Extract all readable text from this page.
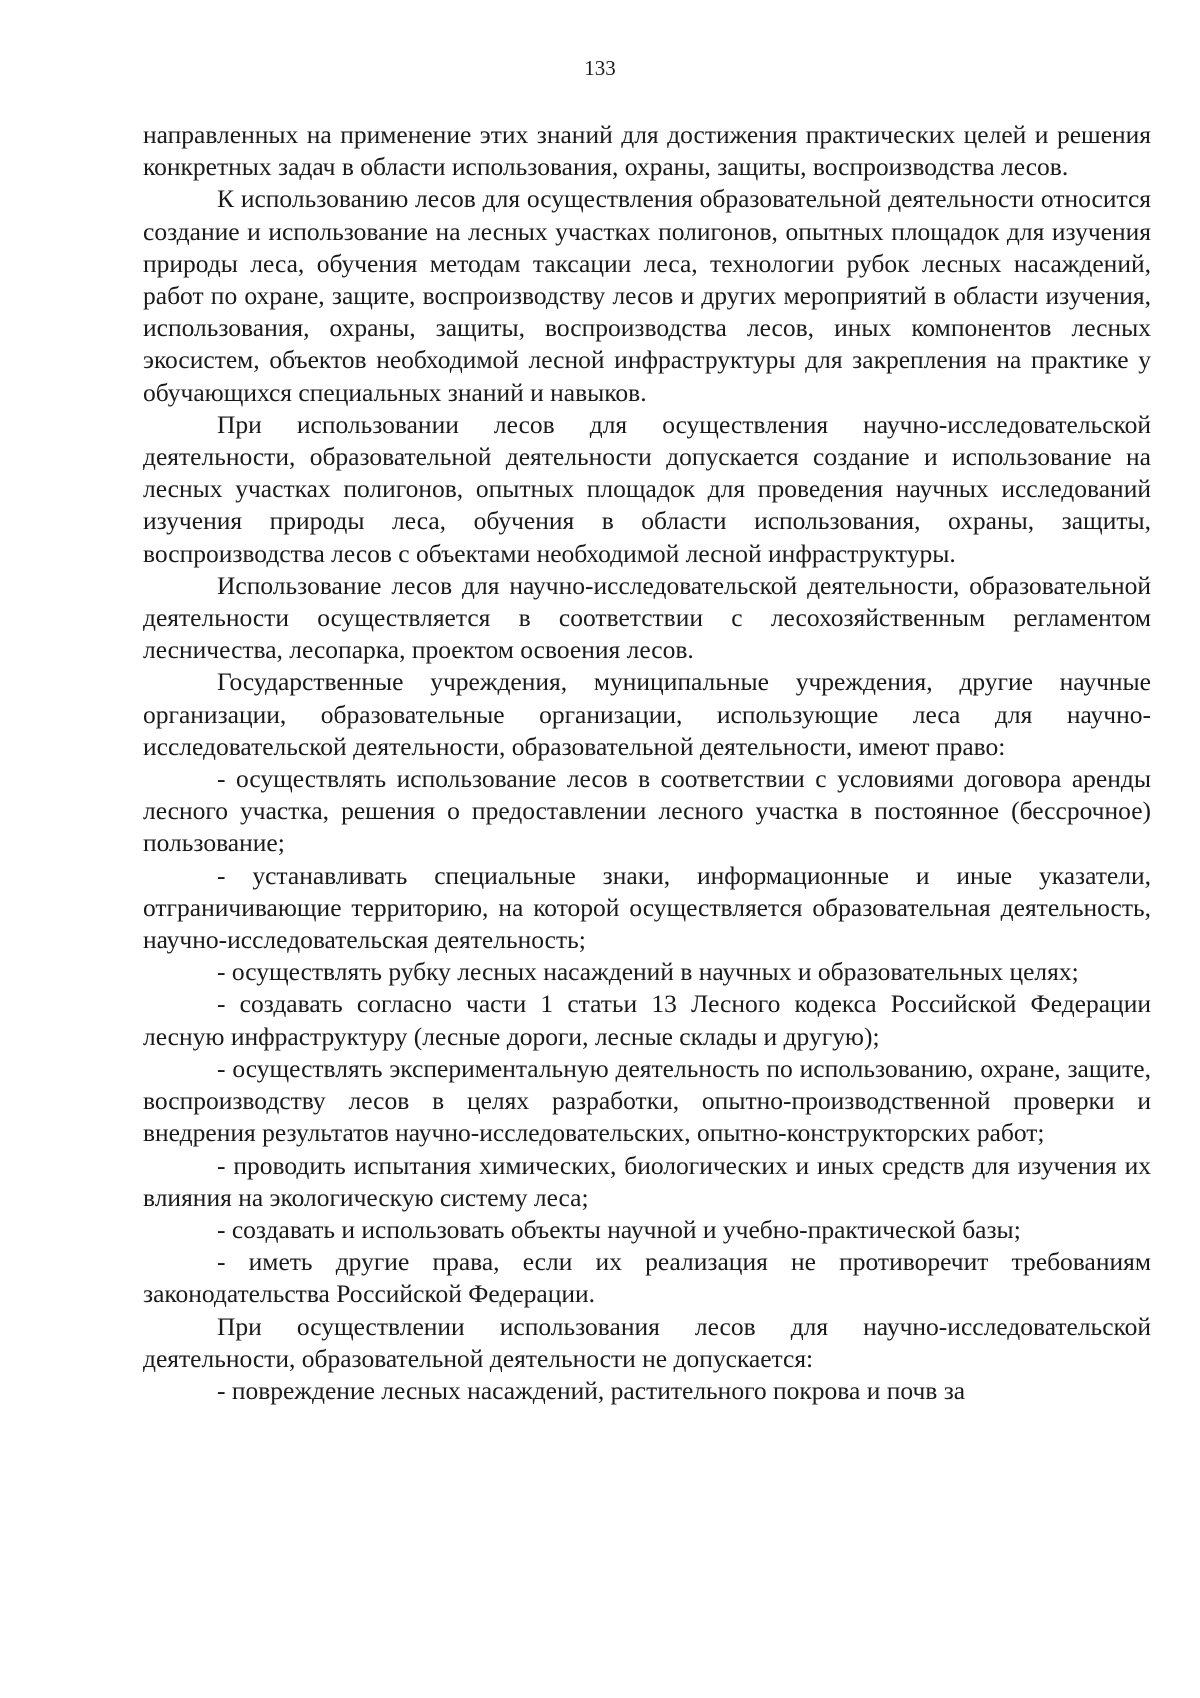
133

направленных на применение этих знаний для достижения практических целей и решения конкретных задач в области использования, охраны, защиты, воспроизводства лесов.

К использованию лесов для осуществления образовательной деятельности относится создание и использование на лесных участках полигонов, опытных площадок для изучения природы леса, обучения методам таксации леса, технологии рубок лесных насаждений, работ по охране, защите, воспроизводству лесов и других мероприятий в области изучения, использования, охраны, защиты, воспроизводства лесов, иных компонентов лесных экосистем, объектов необходимой лесной инфраструктуры для закрепления на практике у обучающихся специальных знаний и навыков.

При использовании лесов для осуществления научно-исследовательской деятельности, образовательной деятельности допускается создание и использование на лесных участках полигонов, опытных площадок для проведения научных исследований изучения природы леса, обучения в области использования, охраны, защиты, воспроизводства лесов с объектами необходимой лесной инфраструктуры.

Использование лесов для научно-исследовательской деятельности, образовательной деятельности осуществляется в соответствии с лесохозяйственным регламентом лесничества, лесопарка, проектом освоения лесов.

Государственные учреждения, муниципальные учреждения, другие научные организации, образовательные организации, использующие леса для научно-исследовательской деятельности, образовательной деятельности, имеют право:

- осуществлять использование лесов в соответствии с условиями договора аренды лесного участка, решения о предоставлении лесного участка в постоянное (бессрочное) пользование;

- устанавливать специальные знаки, информационные и иные указатели, отграничивающие территорию, на которой осуществляется образовательная деятельность, научно-исследовательская деятельность;

- осуществлять рубку лесных насаждений в научных и образовательных целях;

- создавать согласно части 1 статьи 13 Лесного кодекса Российской Федерации лесную инфраструктуру (лесные дороги, лесные склады и другую);

- осуществлять экспериментальную деятельность по использованию, охране, защите, воспроизводству лесов в целях разработки, опытно-производственной проверки и внедрения результатов научно-исследовательских, опытно-конструкторских работ;

- проводить испытания химических, биологических и иных средств для изучения их влияния на экологическую систему леса;

- создавать и использовать объекты научной и учебно-практической базы;

- иметь другие права, если их реализация не противоречит требованиям законодательства Российской Федерации.

При осуществлении использования лесов для научно-исследовательской деятельности, образовательной деятельности не допускается:

- повреждение лесных насаждений, растительного покрова и почв за
